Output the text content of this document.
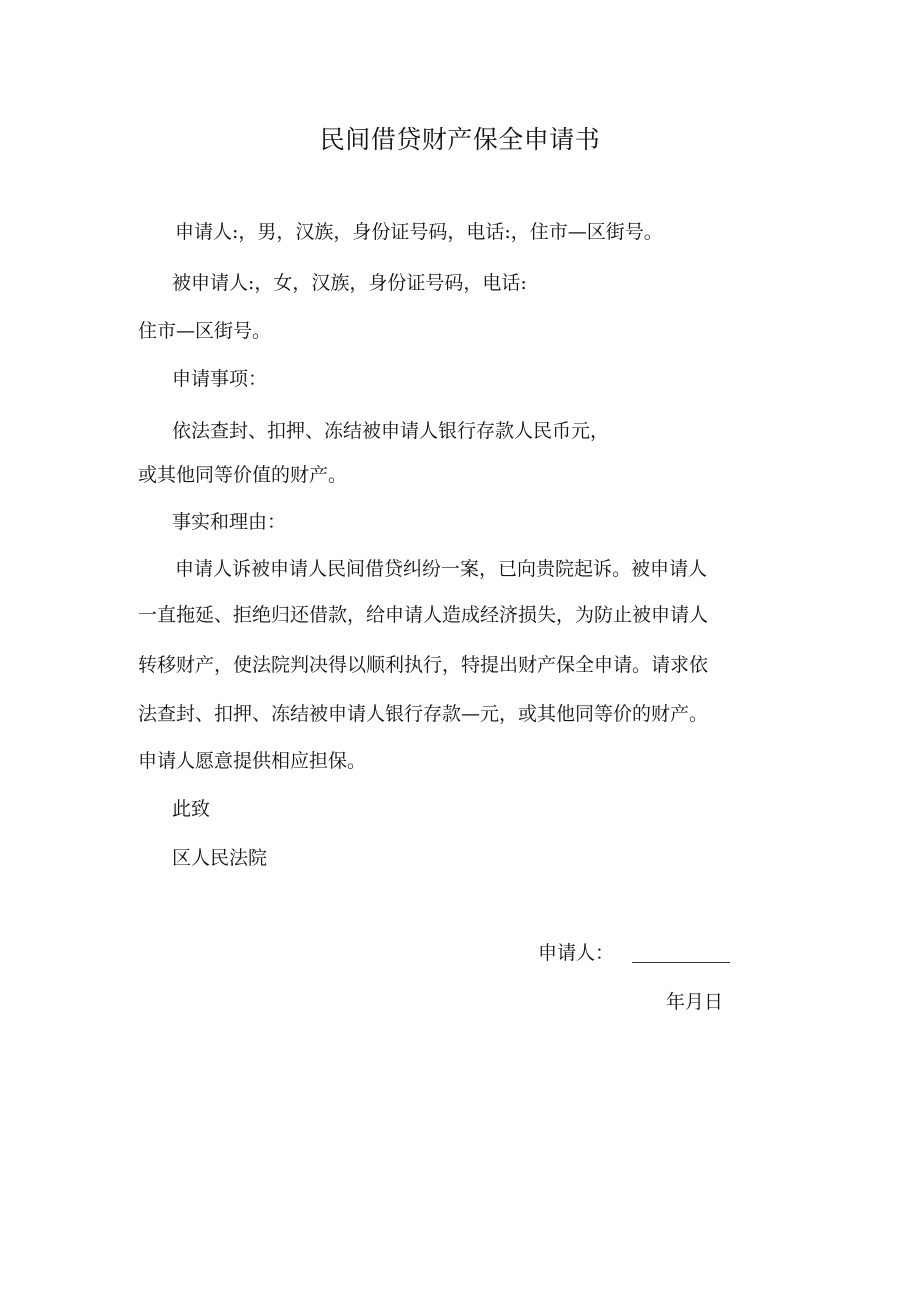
民间借贷财产保全申请书
申请人:，男，汉族，身份证号码，电话:，住市—区街号。
被申请人:，女，汉族，身份证号码，电话:
住市—区街号。
申请事项：
依法查封、扣押、冻结被申请人银行存款人民币元，
或其他同等价值的财产。
事实和理由：
申请人诉被申请人民间借贷纠纷一案，已向贵院起诉。被申请人
一直拖延、拒绝归还借款，给申请人造成经济损失，为防止被申请人
转移财产，使法院判决得以顺利执行，特提出财产保全申请。请求依
法查封、扣押、冻结被申请人银行存款—元，或其他同等价的财产。
申请人愿意提供相应担保。
此致
区人民法院
申请人：
年月日
